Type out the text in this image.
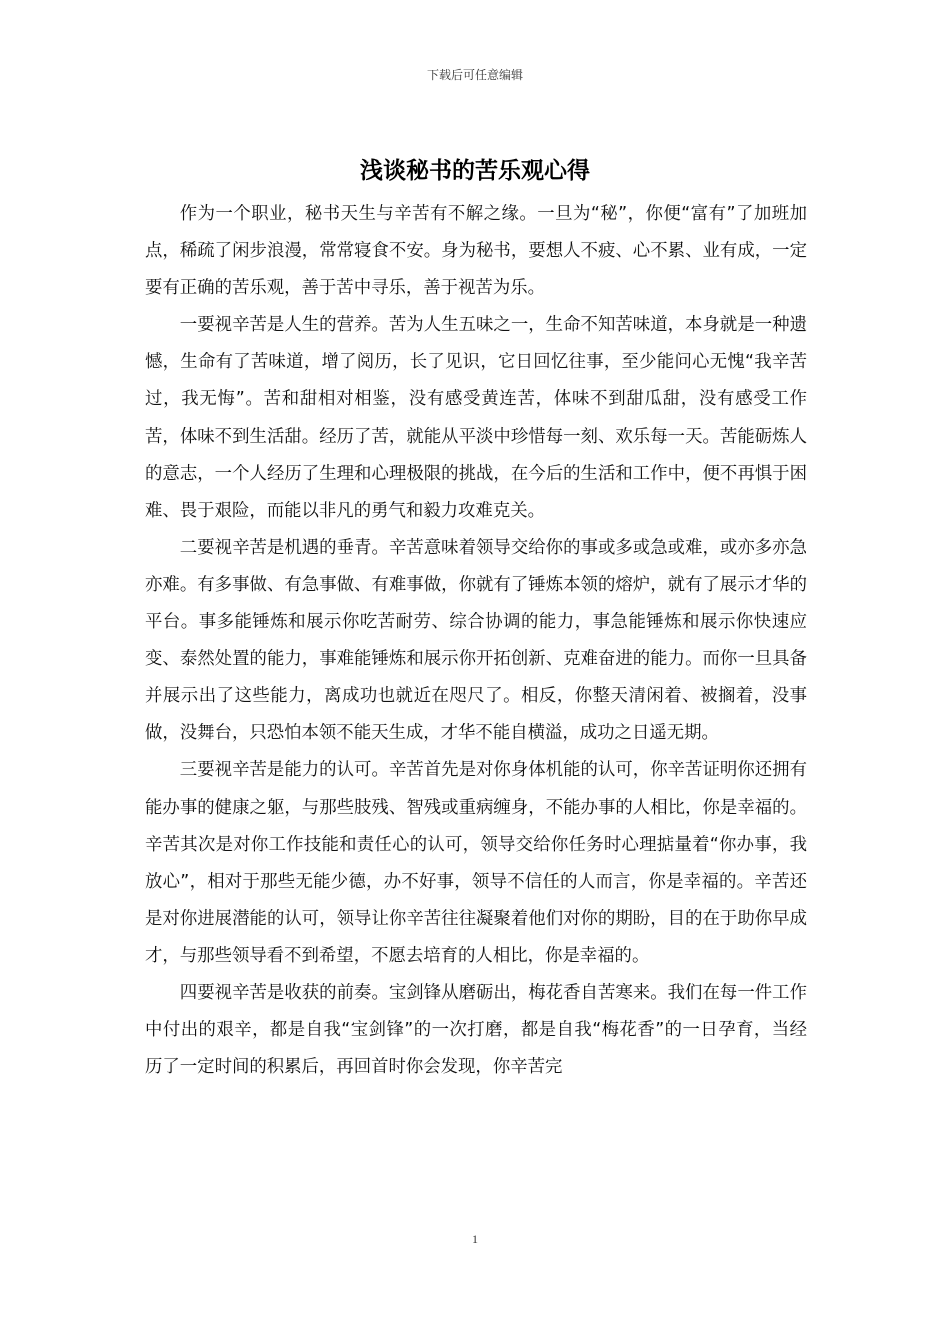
下载后可任意编辑
浅谈秘书的苦乐观心得

作为一个职业，秘书天生与辛苦有不解之缘。一旦为“秘”，你便“富有”了加班加点，稀疏了闲步浪漫，常常寝食不安。身为秘书，要想人不疲、心不累、业有成，一定要有正确的苦乐观，善于苦中寻乐，善于视苦为乐。

一要视辛苦是人生的营养。苦为人生五味之一，生命不知苦味道，本身就是一种遗憾，生命有了苦味道，增了阅历，长了见识，它日回忆往事，至少能问心无愧“我辛苦过，我无悔”。苦和甜相对相鉴，没有感受黄连苦，体味不到甜瓜甜，没有感受工作苦，体味不到生活甜。经历了苦，就能从平淡中珍惜每一刻、欢乐每一天。苦能砺炼人的意志，一个人经历了生理和心理极限的挑战，在今后的生活和工作中，便不再惧于困难、畏于艰险，而能以非凡的勇气和毅力攻难克关。

二要视辛苦是机遇的垂青。辛苦意味着领导交给你的事或多或急或难，或亦多亦急亦难。有多事做、有急事做、有难事做，你就有了锤炼本领的熔炉，就有了展示才华的平台。事多能锤炼和展示你吃苦耐劳、综合协调的能力，事急能锤炼和展示你快速应变、泰然处置的能力，事难能锤炼和展示你开拓创新、克难奋进的能力。而你一旦具备并展示出了这些能力，离成功也就近在咫尺了。相反，你整天清闲着、被搁着，没事做，没舞台，只恐怕本领不能天生成，才华不能自横溢，成功之日遥无期。

三要视辛苦是能力的认可。辛苦首先是对你身体机能的认可，你辛苦证明你还拥有能办事的健康之躯，与那些肢残、智残或重病缠身，不能办事的人相比，你是幸福的。辛苦其次是对你工作技能和责任心的认可，领导交给你任务时心理掂量着“你办事，我放心”，相对于那些无能少德，办不好事，领导不信任的人而言，你是幸福的。辛苦还是对你进展潜能的认可，领导让你辛苦往往凝聚着他们对你的期盼，目的在于助你早成才，与那些领导看不到希望，不愿去培育的人相比，你是幸福的。

四要视辛苦是收获的前奏。宝剑锋从磨砺出，梅花香自苦寒来。我们在每一件工作中付出的艰辛，都是自我“宝剑锋”的一次打磨，都是自我“梅花香”的一日孕育，当经历了一定时间的积累后，再回首时你会发现，你辛苦完

1
